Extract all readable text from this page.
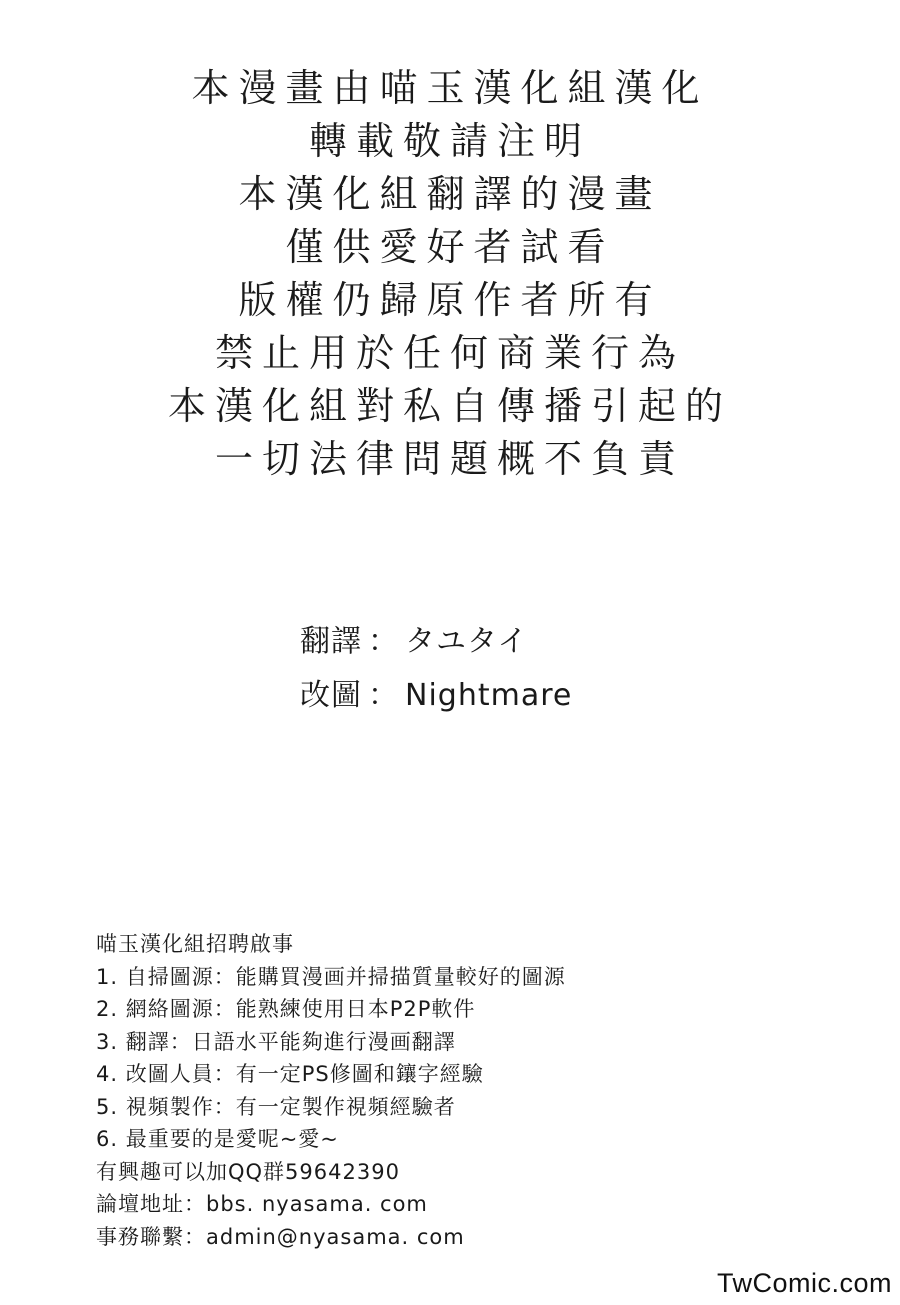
本漫畫由喵玉漢化組漢化
轉載敬請注明
本漢化組翻譯的漫畫
僅供愛好者試看
版權仍歸原作者所有
禁止用於任何商業行為
本漢化組對私自傳播引起的
一切法律問題概不負責
翻譯 ： タユタイ
改圖 ： Nightmare
喵玉漢化組招聘啟事
1. 自掃圖源：能購買漫画并掃描質量較好的圖源
2. 網絡圖源：能熟練使用日本P2P軟件
3. 翻譯：日語水平能夠進行漫画翻譯
4. 改圖人員：有一定PS修圖和鑲字經驗
5. 視頻製作：有一定製作視頻經驗者
6. 最重要的是愛呢~愛~
有興趣可以加QQ群59642390
論壇地址：bbs. nyasama. com
事務聯繫：admin@nyasama. com
TwComic.com
